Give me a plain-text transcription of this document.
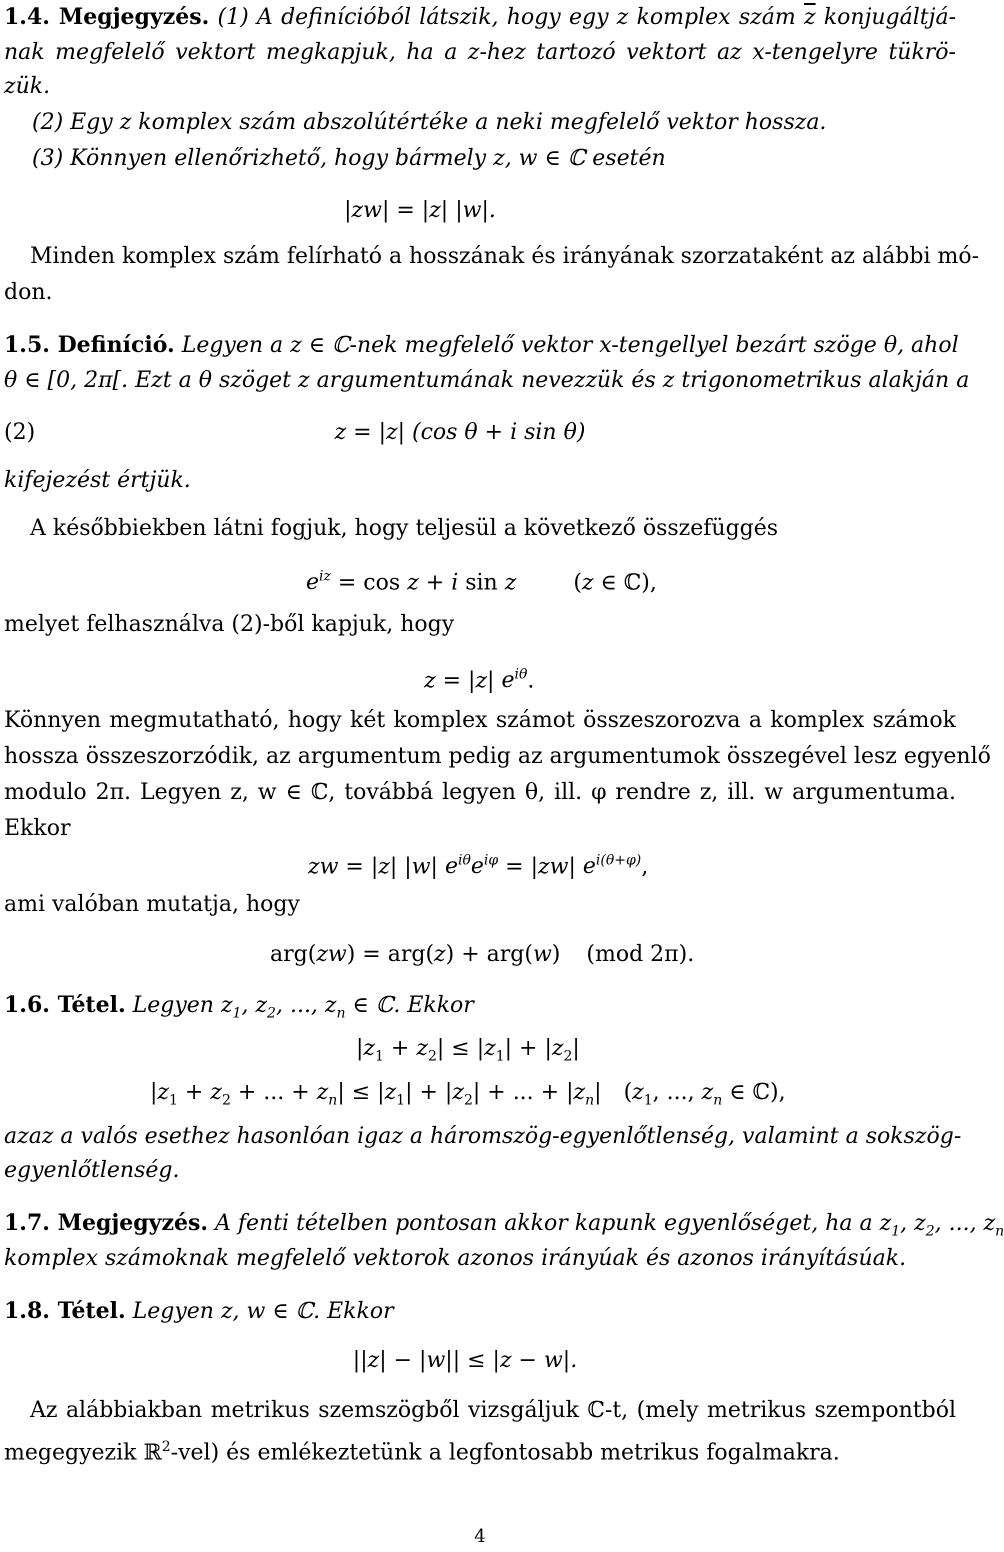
1.4. Megjegyzés. (1) A definícióból látszik, hogy egy z komplex szám $\overline{z}$ konjugáltjá-
nak megfelelő vektort megkapjuk, ha a z-hez tartozó vektort az x-tengelyre tükrö-
zük.
(2) Egy z komplex szám abszolútértéke a neki megfelelő vektor hossza.
(3) Könnyen ellenőrizhető, hogy bármely z, w ∈ ℂ esetén
|zw| = |z| |w|.
Minden komplex szám felírható a hosszának és irányának szorzataként az alábbi mó-
don.
1.5. Definíció. Legyen a z ∈ ℂ-nek megfelelő vektor x-tengellyel bezárt szöge θ, ahol
θ ∈ [0, 2π[. Ezt a θ szöget z argumentumának nevezzük és z trigonometrikus alakján a
(2)	z = |z| (cos θ + i sin θ)
kifejezést értjük.
A későbbiekben látni fogjuk, hogy teljesül a következő összefüggés
$e^{iz} = \cos z + i$ sin z	(z ∈ ℂ),
melyet felhasználva (2)-ből kapjuk, hogy
z = |z| $e^{i\theta}$.
Könnyen megmutatható, hogy két komplex számot összeszorozva a komplex számok
hossza összeszorzódik, az argumentum pedig az argumentumok összegével lesz egyenlő
modulo 2π. Legyen z, w ∈ ℂ, továbbá legyen θ, ill. φ rendre z, ill. w argumentuma.
Ekkor
zw = |z| |w| $e^{i\theta}e^{i\varphi} = |zw|$ $e^{i(\theta+\varphi)}$,
ami valóban mutatja, hogy
arg(zw) = arg(z) + arg(w) (mod 2π).
1.6. Tétel. Legyen $z_1$, $z_2$, ..., $z_n$ ∈ ℂ. Ekkor
$|z_1 + z_2| \le |z_1| + |z_2|$
$|z_1 + z_2$ + ... + $z_n| \le |z_1| + |z_2|$ + ... + $|z_n|$ ($z_1$, ..., $z_n$ ∈ ℂ),
azaz a valós esethez hasonlóan igaz a háromszög-egyenlőtlenség, valamint a sokszög-
egyenlőtlenség.
1.7. Megjegyzés. A fenti tételben pontosan akkor kapunk egyenlőséget, ha a $z_1$, $z_2$, ..., $z_n$
komplex számoknak megfelelő vektorok azonos irányúak és azonos irányításúak.
1.8. Tétel. Legyen z, w ∈ ℂ. Ekkor
||z| − |w|| ≤ |z − w|.
Az alábbiakban metrikus szemszögből vizsgáljuk ℂ-t, (mely metrikus szempontból
megegyezik ℝ$^2$-vel) és emlékeztetünk a legfontosabb metrikus fogalmakra.
4
